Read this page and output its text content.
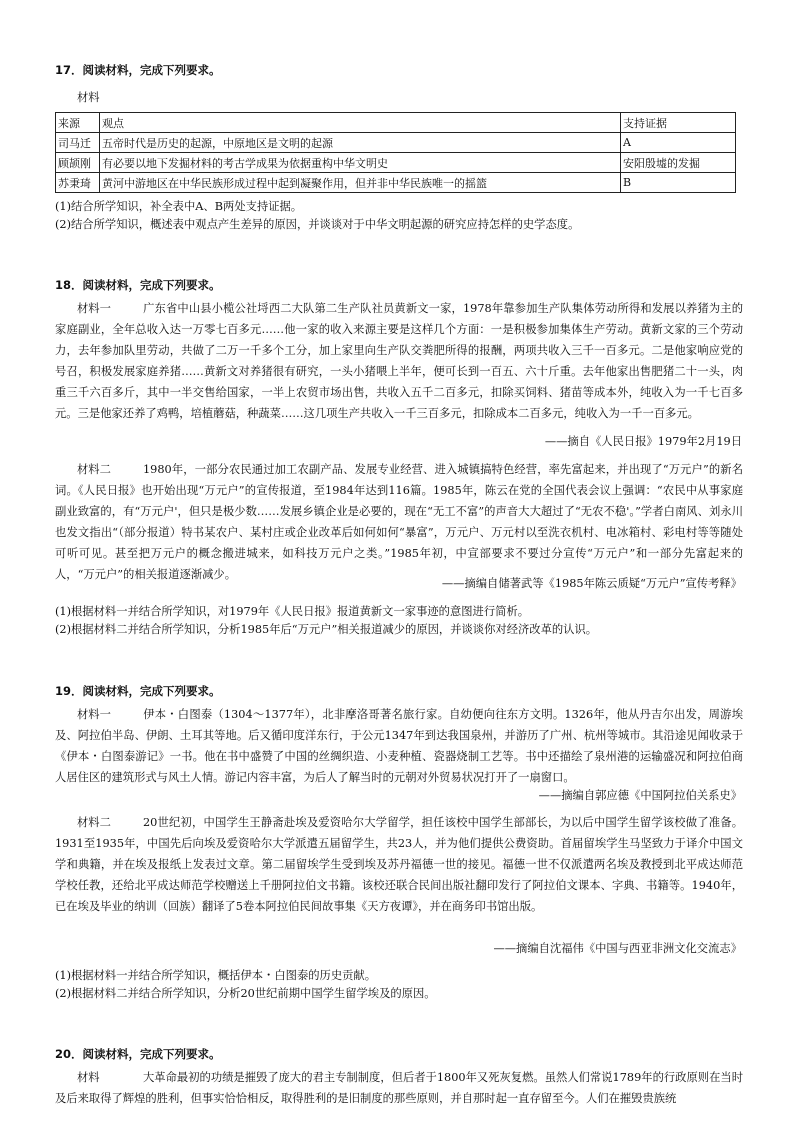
17．阅读材料，完成下列要求。
材料
来源	观点	支持证据
司马迁	五帝时代是历史的起源，中原地区是文明的起源	A
顾颉刚	有必要以地下发掘材料的考古学成果为依据重构中华文明史	安阳殷墟的发掘
苏秉琦	黄河中游地区在中华民族形成过程中起到凝聚作用，但并非中华民族唯一的摇篮	B
(1)结合所学知识，补全表中A、B两处支持证据。
(2)结合所学知识，概述表中观点产生差异的原因，并谈谈对于中华文明起源的研究应持怎样的史学态度。
18．阅读材料，完成下列要求。

材料一	广东省中山县小榄公社埒西二大队第二生产队社员黄新文一家，1978年靠参加生产队集体劳动所得和发展以养猪为主的家庭副业，全年总收入达一万零七百多元……他一家的收入来源主要是这样几个方面：一是积极参加集体生产劳动。黄新文家的三个劳动力，去年参加队里劳动，共做了二万一千多个工分，加上家里向生产队交粪肥所得的报酬，两项共收入三千一百多元。二是他家响应党的号召，积极发展家庭养猪……黄新文对养猪很有研究，一头小猪喂上半年，便可长到一百五、六十斤重。去年他家出售肥猪二十一头，肉重三千六百多斤，其中一半交售给国家，一半上农贸市场出售，共收入五千二百多元，扣除买饲料、猪苗等成本外，纯收入为一千七百多元。三是他家还养了鸡鸭，培植蘑菇，种蔬菜……这几项生产共收入一千三百多元，扣除成本二百多元，纯收入为一千一百多元。

——摘自《人民日报》1979年2月19日

材料二	1980年，一部分农民通过加工农副产品、发展专业经营、进入城镇搞特色经营，率先富起来，并出现了“万元户”的新名词。《人民日报》也开始出现“万元户”的宣传报道，至1984年达到116篇。1985年，陈云在党的全国代表会议上强调：“农民中从事家庭副业致富的，有“万元户'，但只是极少数……发展乡镇企业是必要的，现在“无工不富”的声音大大超过了“无农不稳'。”学者白南风、刘永川也发文指出“（部分报道）特书某农户、某村庄或企业改革后如何如何“暴富”，万元户、万元村以至洗衣机村、电冰箱村、彩电村等等随处可听可见。甚至把万元户的概念搬进城来，如科技万元户之类。”1985年初，中宣部要求不要过分宣传“万元户”和一部分先富起来的人，“万元户”的相关报道逐渐减少。

——摘编自储著武等《1985年陈云质疑“万元户”宣传考释》
(1)根据材料一并结合所学知识，对1979年《人民日报》报道黄新文一家事迹的意图进行简析。
(2)根据材料二并结合所学知识，分析1985年后“万元户”相关报道减少的原因，并谈谈你对经济改革的认识。
19．阅读材料，完成下列要求。

材料一	伊本・白图泰（1304～1377年），北非摩洛哥著名旅行家。自幼便向往东方文明。1326年，他从丹吉尔出发，周游埃及、阿拉伯半岛、伊朗、土耳其等地。后又循印度洋东行，于公元1347年到达我国泉州，并游历了广州、杭州等城市。其沿途见闻收录于《伊本・白图泰游记》一书。他在书中盛赞了中国的丝绸织造、小麦种植、瓷器烧制工艺等。书中还描绘了泉州港的运输盛况和阿拉伯商人居住区的建筑形式与风土人情。游记内容丰富，为后人了解当时的元朝对外贸易状况打开了一扇窗口。

——摘编自郭应德《中国阿拉伯关系史》

材料二	20世纪初，中国学生王静斋赴埃及爱资哈尔大学留学，担任该校中国学生部部长，为以后中国学生留学该校做了准备。1931至1935年，中国先后向埃及爱资哈尔大学派遣五届留学生，共23人，并为他们提供公费资助。首届留埃学生马坚致力于译介中国文学和典籍，并在埃及报纸上发表过文章。第二届留埃学生受到埃及苏丹福德一世的接见。福德一世不仅派遣两名埃及教授到北平成达师范学校任教，还给北平成达师范学校赠送上千册阿拉伯文书籍。该校还联合民间出版社翻印发行了阿拉伯文课本、字典、书籍等。1940年，已在埃及毕业的纳训（回族）翻译了5卷本阿拉伯民间故事集《天方夜谭》，并在商务印书馆出版。

——摘编自沈福伟《中国与西亚非洲文化交流志》
(1)根据材料一并结合所学知识，概括伊本・白图泰的历史贡献。
(2)根据材料二并结合所学知识，分析20世纪前期中国学生留学埃及的原因。
20．阅读材料，完成下列要求。

材料	大革命最初的功绩是摧毁了庞大的君主专制制度，但后者于1800年又死灰复燃。虽然人们常说1789年的行政原则在当时及后来取得了辉煌的胜利，但事实恰恰相反，取得胜利的是旧制度的那些原则，并自那时起一直存留至今。人们在摧毁贵族统
